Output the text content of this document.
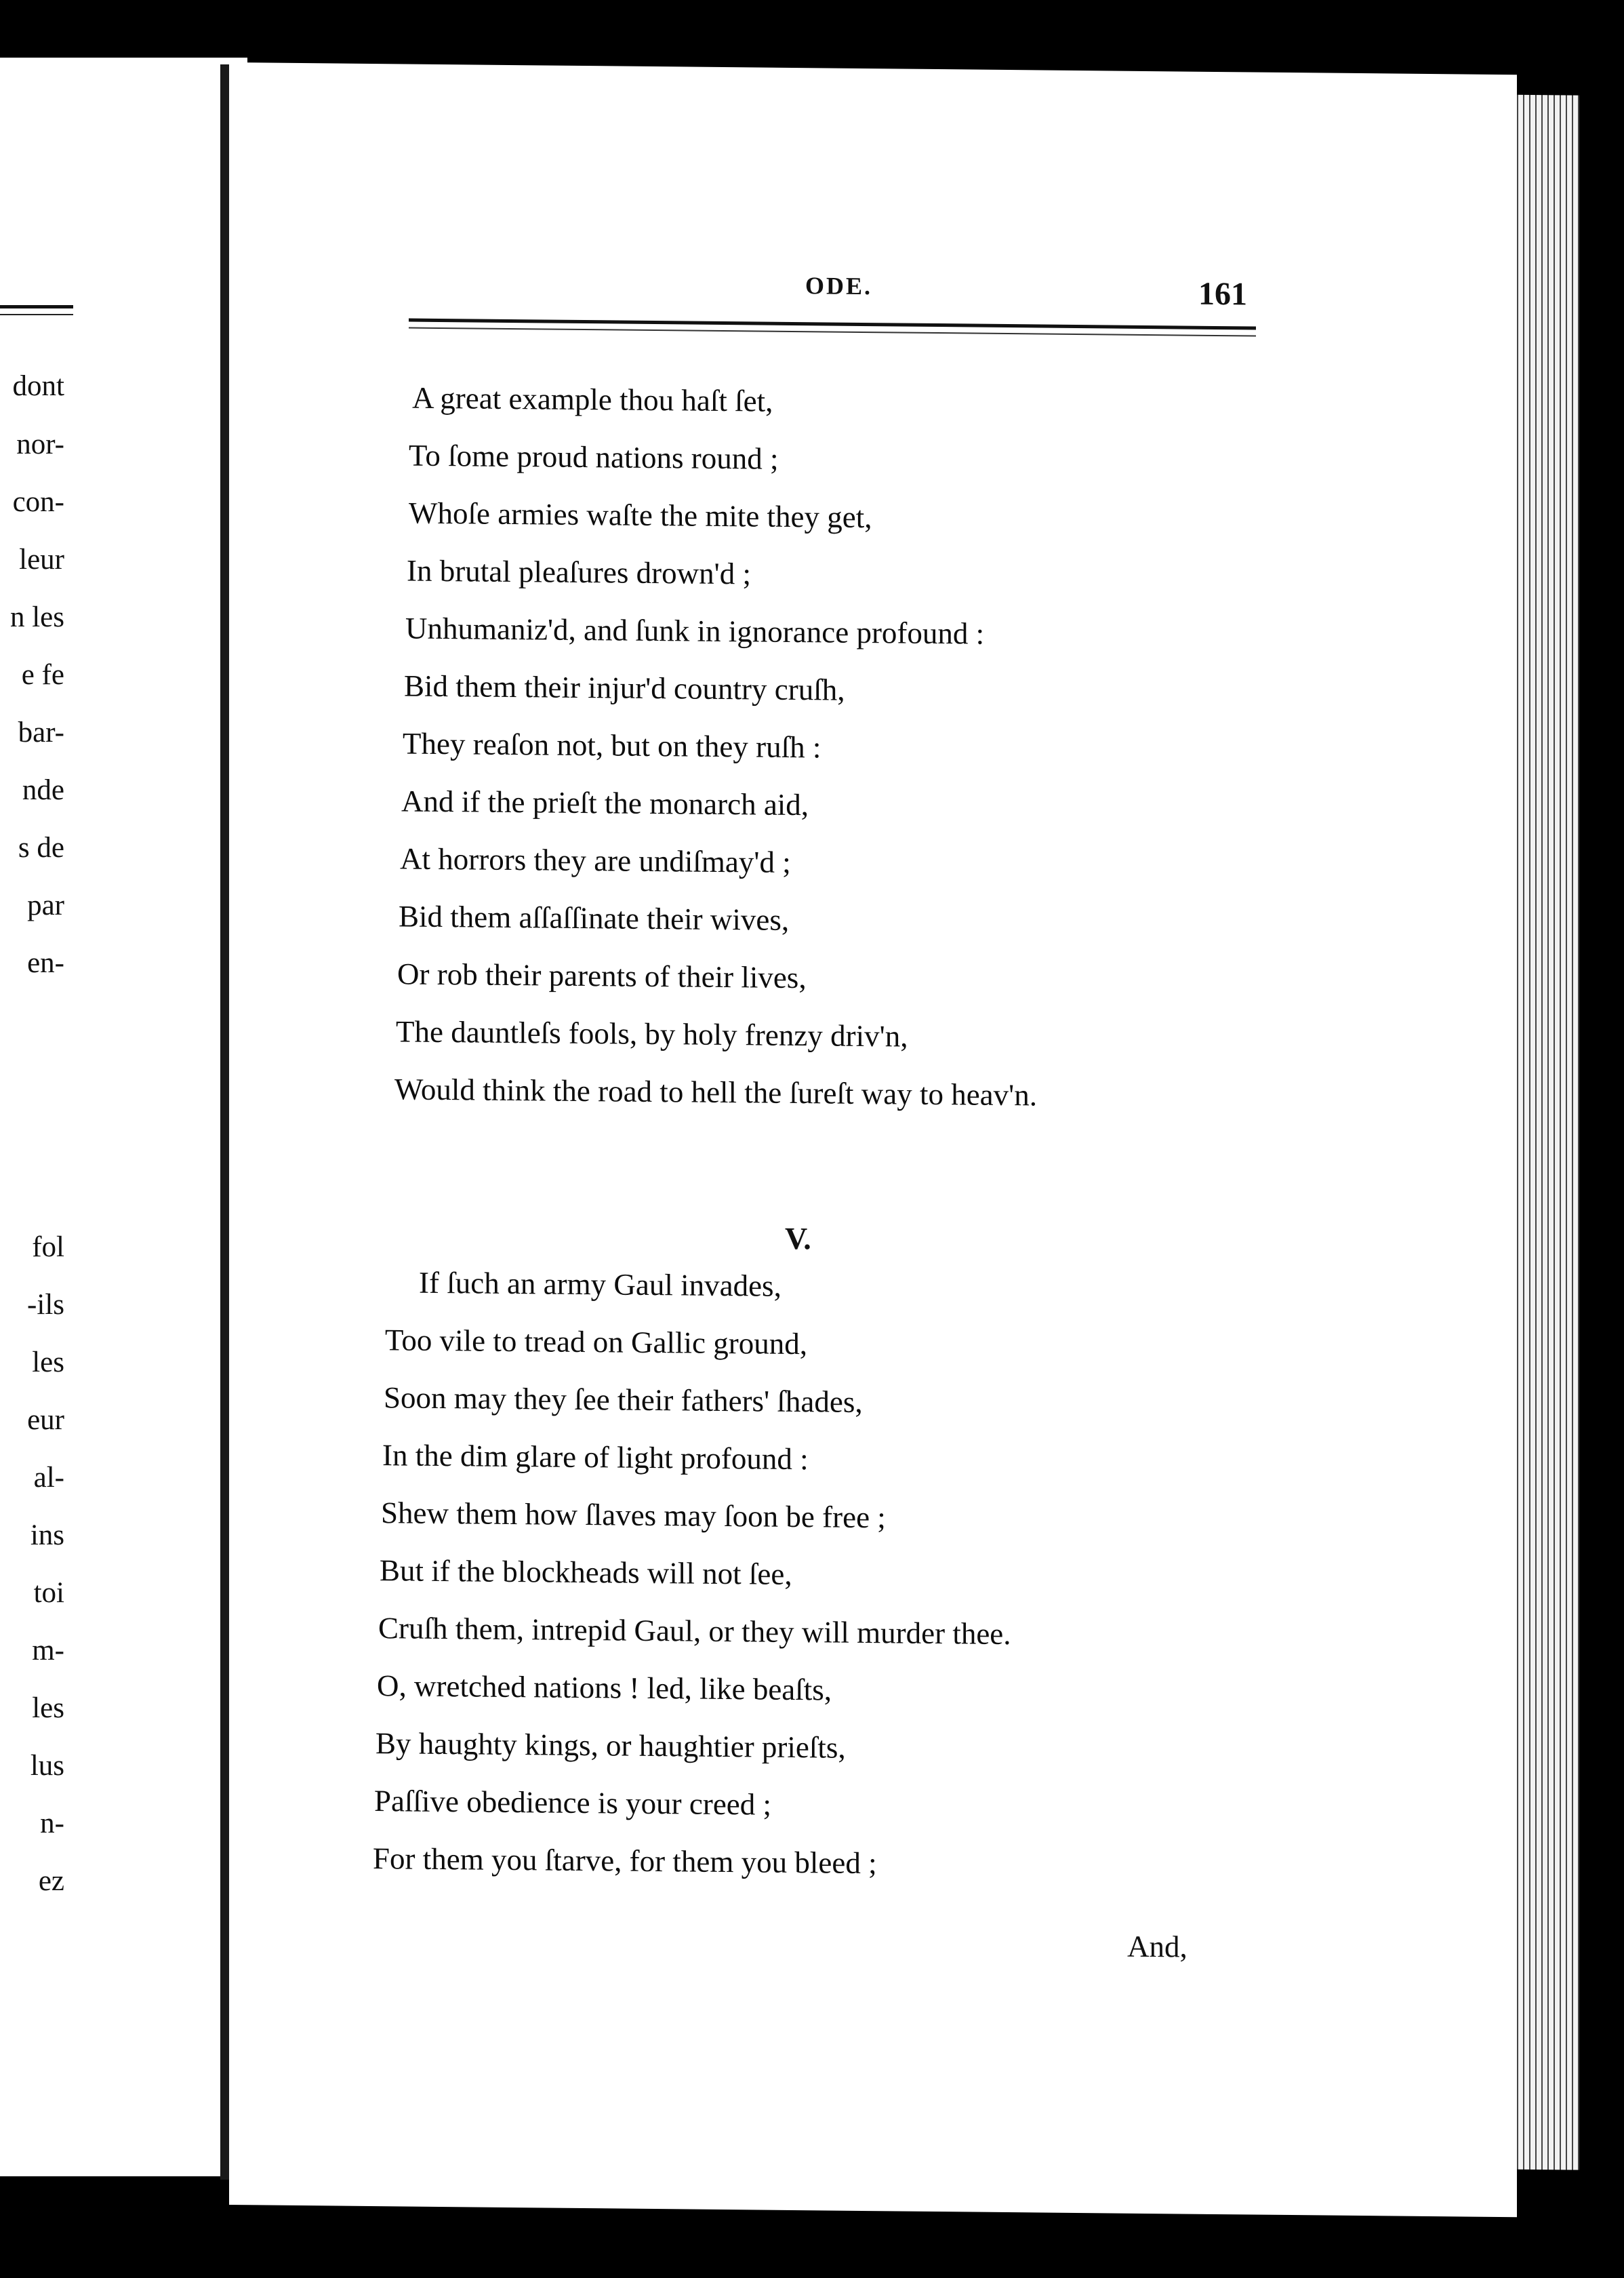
dont
nor-
con-
leur
n les
e fe
bar-
nde
s de
par
en-
fol
-ils
les
eur
al-
ins
toi
m-
les
lus
n-
ez
ODE.	161
A great example thou haſt ſet,
To ſome proud nations round ;
Whoſe armies waſte the mite they get,
In brutal pleaſures drown'd ;
Unhumaniz'd, and ſunk in ignorance profound :
Bid them their injur'd country cruſh,
They reaſon not, but on they ruſh :
And if the prieſt the monarch aid,
At horrors they are undiſmay'd ;
Bid them aſſaſſinate their wives,
Or rob their parents of their lives,
The dauntleſs fools, by holy frenzy driv'n,
Would think the road to hell the ſureſt way to heav'n.
V.
If ſuch an army Gaul invades,
Too vile to tread on Gallic ground,
Soon may they ſee their fathers' ſhades,
In the dim glare of light profound :
Shew them how ſlaves may ſoon be free ;
But if the blockheads will not ſee,
Cruſh them, intrepid Gaul, or they will murder thee.
O, wretched nations ! led, like beaſts,
By haughty kings, or haughtier prieſts,
Paſſive obedience is your creed ;
For them you ſtarve, for them you bleed ;
And,
